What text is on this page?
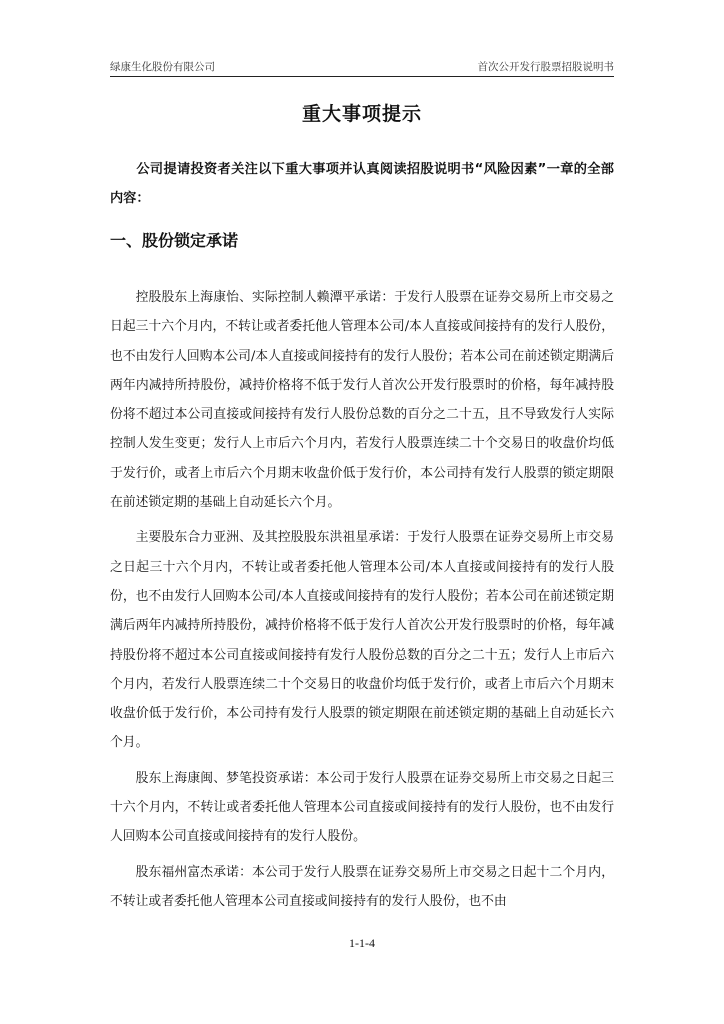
绿康生化股份有限公司	首次公开发行股票招股说明书
重大事项提示
公司提请投资者关注以下重大事项并认真阅读招股说明书“风险因素”一章的全部内容：
一、股份锁定承诺

控股股东上海康怡、实际控制人赖潭平承诺：于发行人股票在证券交易所上市交易之日起三十六个月内，不转让或者委托他人管理本公司/本人直接或间接持有的发行人股份，也不由发行人回购本公司/本人直接或间接持有的发行人股份；若本公司在前述锁定期满后两年内减持所持股份，减持价格将不低于发行人首次公开发行股票时的价格，每年减持股份将不超过本公司直接或间接持有发行人股份总数的百分之二十五，且不导致发行人实际控制人发生变更；发行人上市后六个月内，若发行人股票连续二十个交易日的收盘价均低于发行价，或者上市后六个月期末收盘价低于发行价，本公司持有发行人股票的锁定期限在前述锁定期的基础上自动延长六个月。

主要股东合力亚洲、及其控股股东洪祖星承诺：于发行人股票在证券交易所上市交易之日起三十六个月内，不转让或者委托他人管理本公司/本人直接或间接持有的发行人股份，也不由发行人回购本公司/本人直接或间接持有的发行人股份；若本公司在前述锁定期满后两年内减持所持股份，减持价格将不低于发行人首次公开发行股票时的价格，每年减持股份将不超过本公司直接或间接持有发行人股份总数的百分之二十五；发行人上市后六个月内，若发行人股票连续二十个交易日的收盘价均低于发行价，或者上市后六个月期末收盘价低于发行价，本公司持有发行人股票的锁定期限在前述锁定期的基础上自动延长六个月。

股东上海康闽、梦笔投资承诺：本公司于发行人股票在证券交易所上市交易之日起三十六个月内，不转让或者委托他人管理本公司直接或间接持有的发行人股份，也不由发行人回购本公司直接或间接持有的发行人股份。

股东福州富杰承诺：本公司于发行人股票在证券交易所上市交易之日起十二个月内，不转让或者委托他人管理本公司直接或间接持有的发行人股份，也不由

1-1-4
